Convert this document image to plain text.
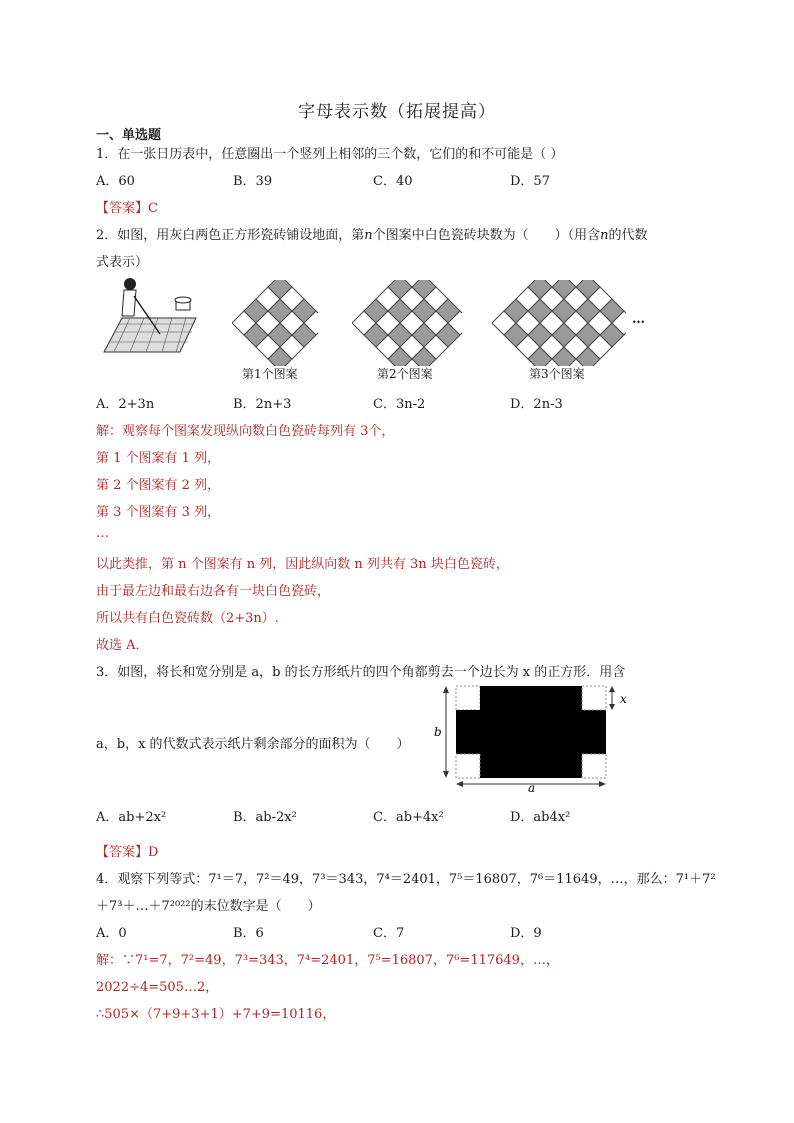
字母表示数（拓展提高）
一、单选题
1．在一张日历表中，任意圈出一个竖列上相邻的三个数，它们的和不可能是（ ）
A．60	B．39	C．40	D．57
【答案】C
2．如图，用灰白两色正方形瓷砖铺设地面，第n个图案中白色瓷砖块数为（　　）（用含n的代数
式表示）
…
第1个图案	第2个图案	第3个图案
A．2+3n	B．2n+3	C．3n-2	D．2n-3
解：观察每个图案发现纵向数白色瓷砖每列有 3个，
第 1 个图案有 1 列，
第 2 个图案有 2 列，
第 3 个图案有 3 列，
…
以此类推，第 n 个图案有 n 列，因此纵向数 n 列共有 3n 块白色瓷砖，
由于最左边和最右边各有一块白色瓷砖，
所以共有白色瓷砖数（2+3n）.
故选 A．
3．如图，将长和宽分别是 a，b 的长方形纸片的四个角都剪去一个边长为 x 的正方形．用含
a，b，x 的代数式表示纸片剩余部分的面积为（　　）
x
b
a
A．ab+2x²	B．ab-2x²	C．ab+4x²	D．ab4x²
【答案】D
4．观察下列等式：7¹＝7，7²＝49，7³＝343，7⁴＝2401，7⁵＝16807，7⁶＝11649，…，那么：7¹＋7²
＋7³＋…＋7²⁰²²的末位数字是（　　）
A．0	B．6	C．7	D．9
解：∵7¹=7，7²=49，7³=343，7⁴=2401，7⁵=16807，7⁶=117649，…，
2022÷4=505…2，
∴505×（7+9+3+1）+7+9=10116，
